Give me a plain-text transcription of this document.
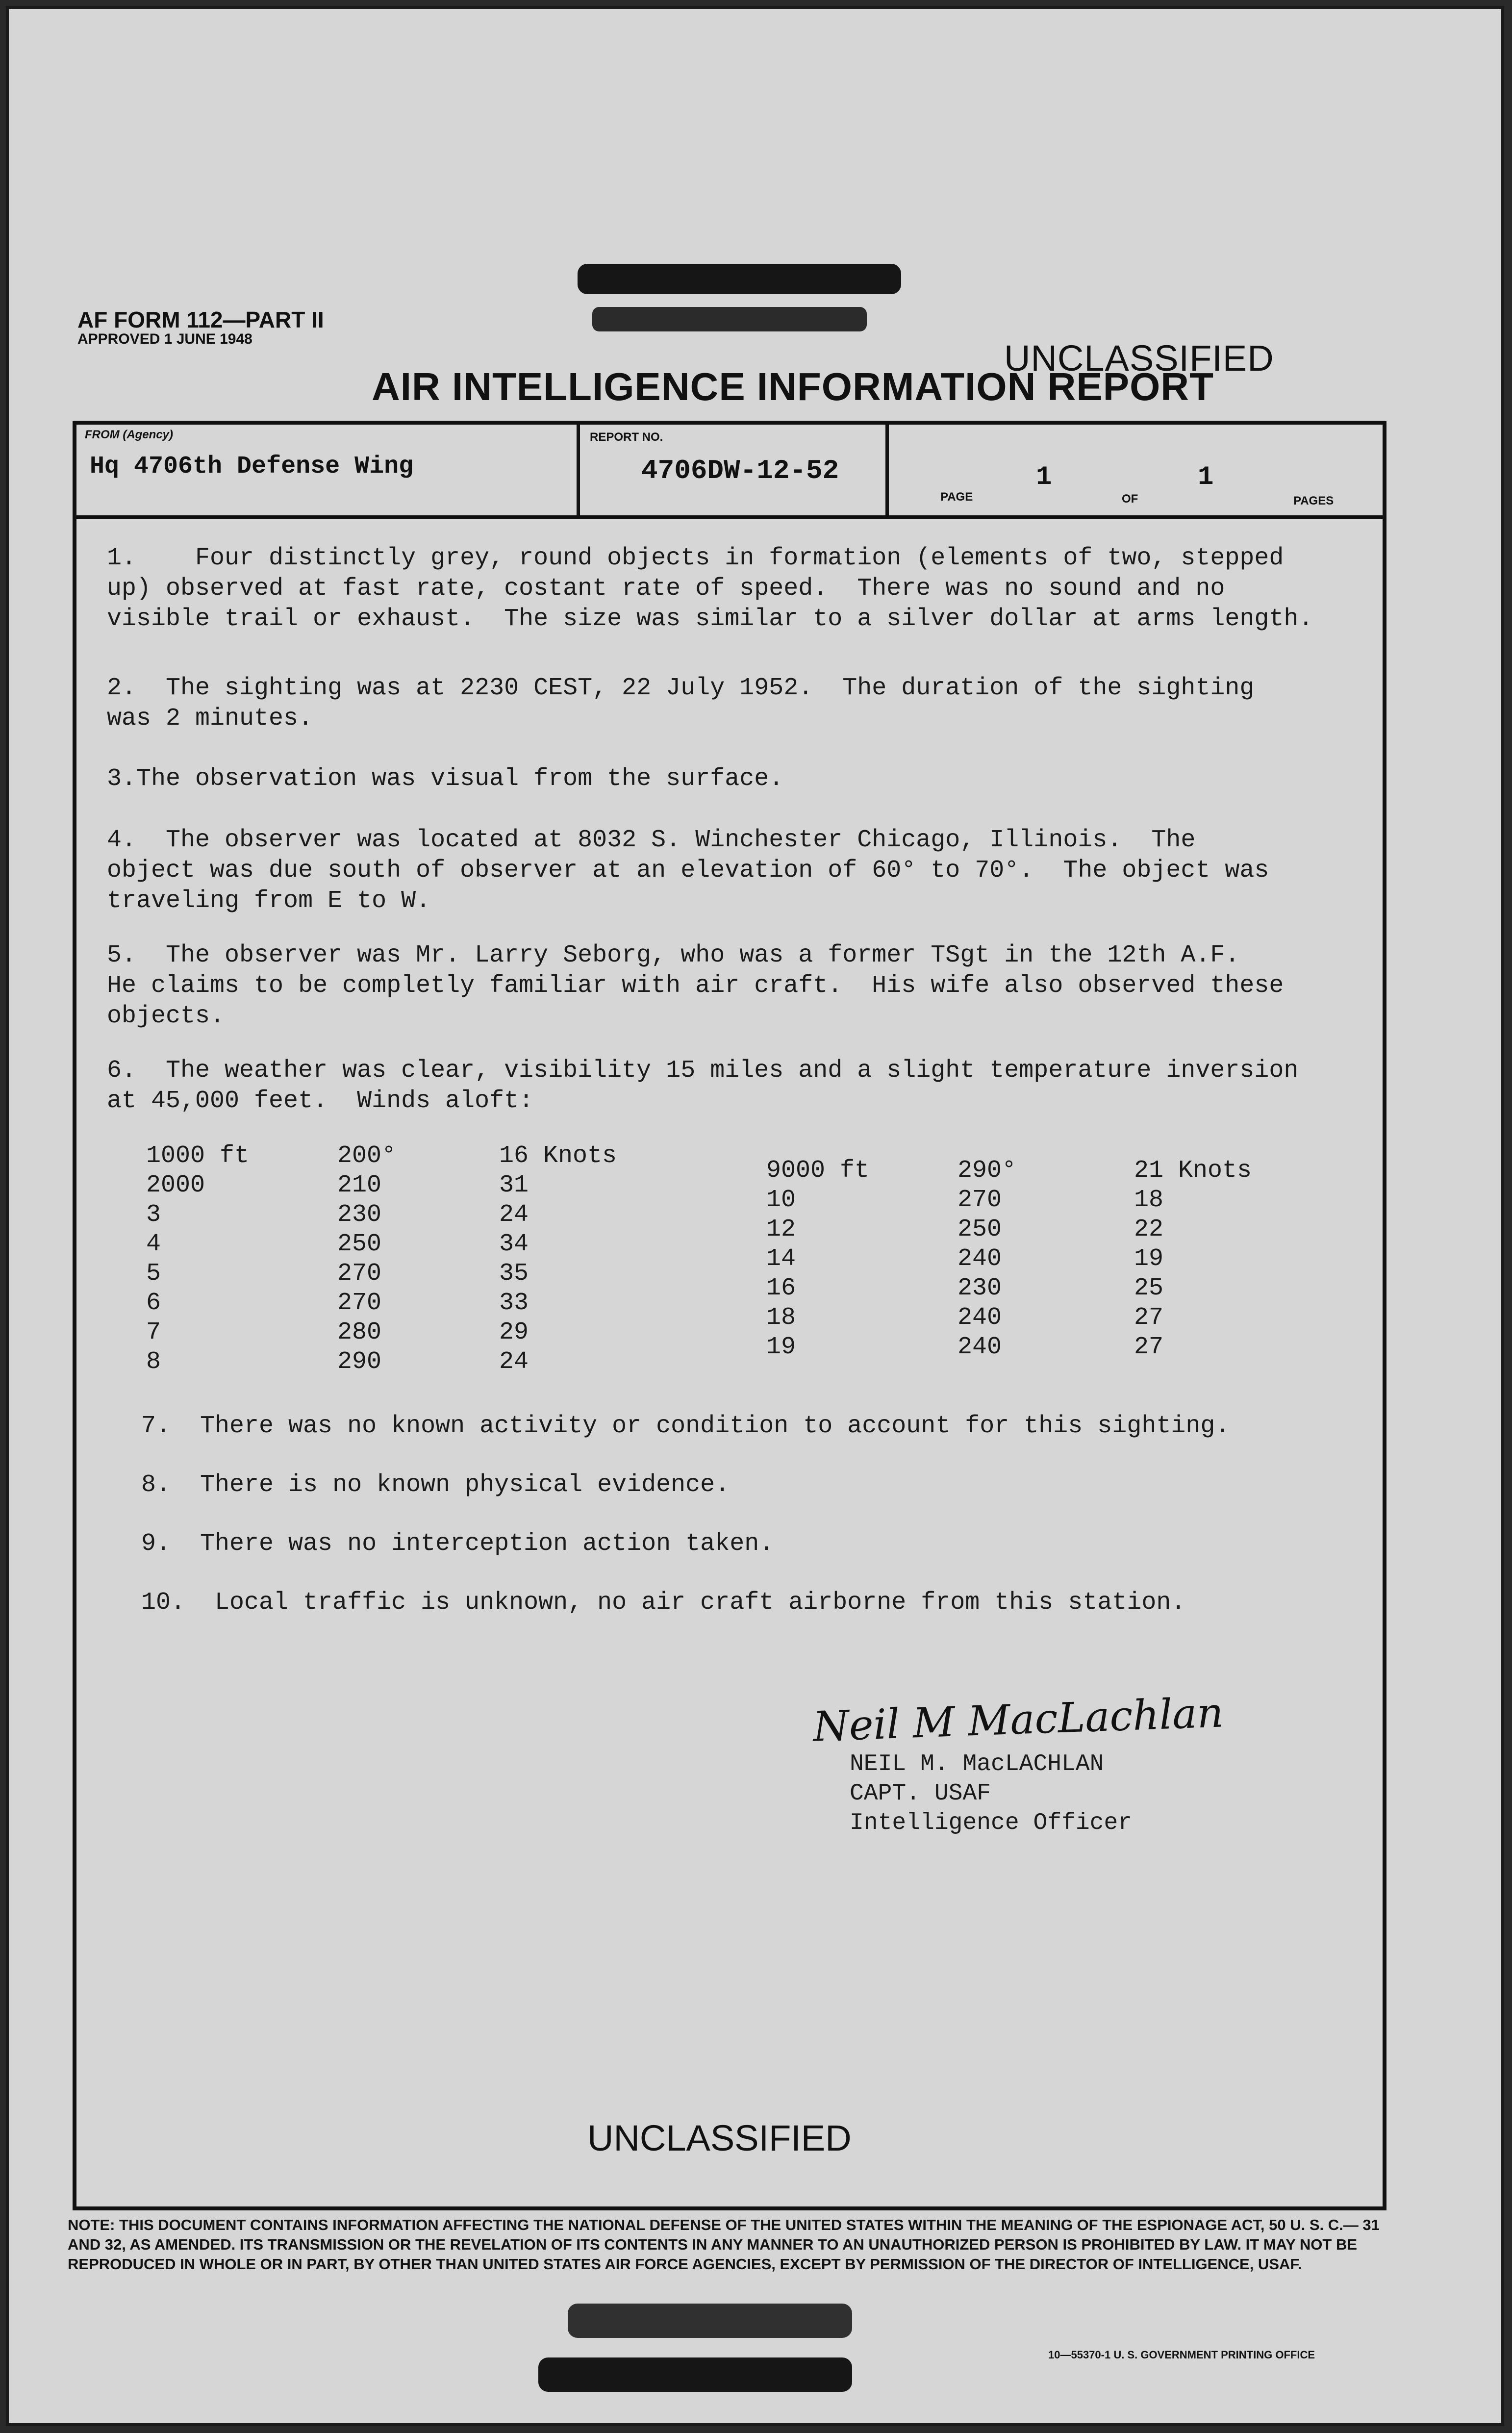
AF FORM 112—PART II
APPROVED 1 JUNE 1948	UNCLASSIFIED
AIR INTELLIGENCE INFORMATION REPORT
FROM (Agency)
Hq 4706th Defense Wing
REPORT NO.
4706DW-12-52
PAGE
1
OF
1
PAGES
1.    Four distinctly grey, round objects in formation (elements of two, stepped
up) observed at fast rate, costant rate of speed.  There was no sound and no
visible trail or exhaust.  The size was similar to a silver dollar at arms length.
2.  The sighting was at 2230 CEST, 22 July 1952.  The duration of the sighting
was 2 minutes.
3.The observation was visual from the surface.
4.  The observer was located at 8032 S. Winchester Chicago, Illinois.  The
object was due south of observer at an elevation of 60° to 70°.  The object was
traveling from E to W.
5.  The observer was Mr. Larry Seborg, who was a former TSgt in the 12th A.F.
He claims to be completly familiar with air craft.  His wife also observed these
objects.
6.  The weather was clear, visibility 15 miles and a slight temperature inversion
at 45,000 feet.  Winds aloft:
1000 ft
2000
3
4
5
6
7
8
200°
210
230
250
270
270
280
290
16 Knots
31
24
34
35
33
29
24
9000 ft
10
12
14
16
18
19
290°
270
250
240
230
240
240
21 Knots
18
22
19
25
27
27
7.  There was no known activity or condition to account for this sighting.
8.  There is no known physical evidence.
9.  There was no interception action taken.
10.  Local traffic is unknown, no air craft airborne from this station.
Neil M MacLachlan
NEIL M. MacLACHLAN
CAPT. USAF
Intelligence Officer
UNCLASSIFIED
NOTE: THIS DOCUMENT CONTAINS INFORMATION AFFECTING THE NATIONAL DEFENSE OF THE UNITED STATES WITHIN THE MEANING OF THE ESPIONAGE ACT, 50 U. S. C.— 31 AND 32, AS AMENDED. ITS TRANSMISSION OR THE REVELATION OF ITS CONTENTS IN ANY MANNER TO AN UNAUTHORIZED PERSON IS PROHIBITED BY LAW. IT MAY NOT BE REPRODUCED IN WHOLE OR IN PART, BY OTHER THAN UNITED STATES AIR FORCE AGENCIES, EXCEPT BY PERMISSION OF THE DIRECTOR OF INTELLIGENCE, USAF.
10—55370-1 U. S. GOVERNMENT PRINTING OFFICE
